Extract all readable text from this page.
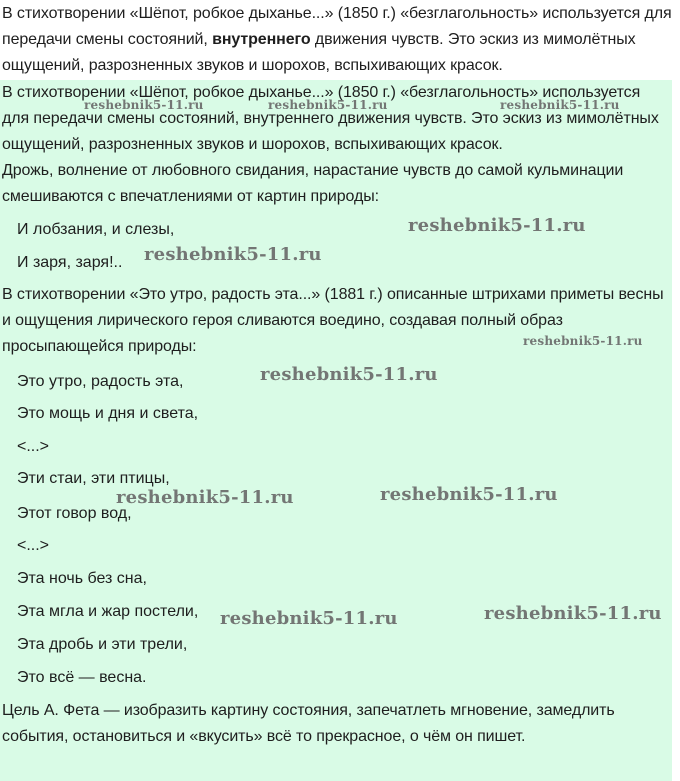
В стихотворении «Шёпот, робкое дыханье...» (1850 г.) «безглагольность» используется для передачи смены состояний, внутреннего движения чувств. Это эскиз из мимолётных ощущений, разрозненных звуков и шорохов, вспыхивающих красок.

В стихотворении «Шёпот, робкое дыханье...» (1850 г.) «безглагольность» используется для передачи смены состояний, внутреннего движения чувств. Это эскиз из мимолётных ощущений, разрозненных звуков и шорохов, вспыхивающих красок.

Дрожь, волнение от любовного свидания, нарастание чувств до самой кульминации смешиваются с впечатлениями от картин природы:

И лобзания, и слезы,

И заря, заря!..

В стихотворении «Это утро, радость эта...» (1881 г.) описанные штрихами приметы весны и ощущения лирического героя сливаются воедино, создавая полный образ просыпающейся природы:

Это утро, радость эта,

Это мощь и дня и света,

<...>

Эти стаи, эти птицы,

Этот говор вод,

<...>

Эта ночь без сна,

Эта мгла и жар постели,

Эта дробь и эти трели,

Это всё — весна.

Цель А. Фета — изобразить картину состояния, запечатлеть мгновение, замедлить события, остановиться и «вкусить» всё то прекрасное, о чём он пишет.

reshebnik5-11.ru	reshebnik5-11.ru	reshebnik5-11.ru
reshebnik5-11.ru
reshebnik5-11.ru
reshebnik5-11.ru
reshebnik5-11.ru
reshebnik5-11.ru	reshebnik5-11.ru
reshebnik5-11.ru	reshebnik5-11.ru
